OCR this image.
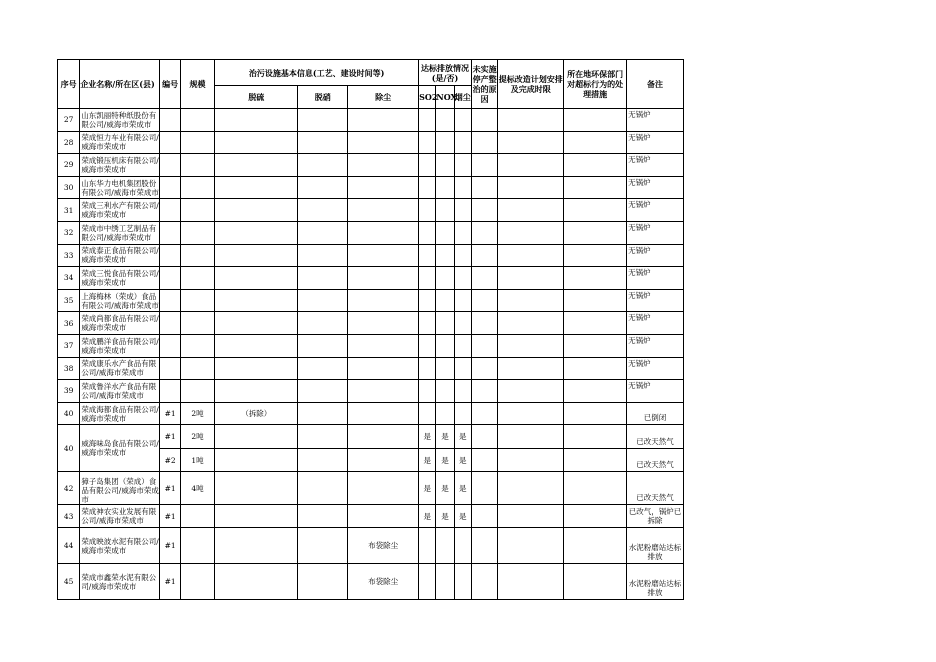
序号	企业名称/所在区(县)	编号	规模	治污设施基本信息(工艺、建设时间等)			达标排放情况(是/否)			未实施停产整治的原因	提标改造计划安排及完成时限	所在地环保部门对超标行为的处理措施	备注
				脱硫	脱硝	除尘	SO2	NOX	烟尘				
27	山东凯丽特种纸股份有限公司/威海市荣成市												无锅炉
28	荣成恒力车业有限公司/威海市荣成市												无锅炉
29	荣成锻压机床有限公司/威海市荣成市												无锅炉
30	山东华力电机集团股份有限公司/威海市荣成市												无锅炉
31	荣成三利水产有限公司/威海市荣成市												无锅炉
32	荣成市中绣工艺制品有限公司/威海市荣成市												无锅炉
33	荣成泰正食品有限公司/威海市荣成市												无锅炉
34	荣成三悦食品有限公司/威海市荣成市												无锅炉
35	上海梅林（荣成）食品有限公司/威海市荣成市												无锅炉
36	荣成尚都食品有限公司/威海市荣成市												无锅炉
37	荣成鹏洋食品有限公司/威海市荣成市												无锅炉
38	荣成康乐水产食品有限公司/威海市荣成市												无锅炉
39	荣成鲁洋水产食品有限公司/威海市荣成市												无锅炉
40	荣成海都食品有限公司/威海市荣成市	#1	2吨	（拆除）									已倒闭
40	威海味岛食品有限公司/威海市荣成市	#1	2吨				是	是	是				已改天然气
		#2	1吨				是	是	是				已改天然气
42	獐子岛集团（荣成）食品有限公司/威海市荣成市	#1	4吨				是	是	是				已改天然气
43	荣成神农实业发展有限公司/威海市荣成市	#1					是	是	是				已改气，锅炉已拆除
44	荣成映波水泥有限公司/威海市荣成市	#1				布袋除尘							水泥粉磨站达标排放
45	荣成市鑫荣水泥有限公司/威海市荣成市	#1				布袋除尘							水泥粉磨站达标排放
